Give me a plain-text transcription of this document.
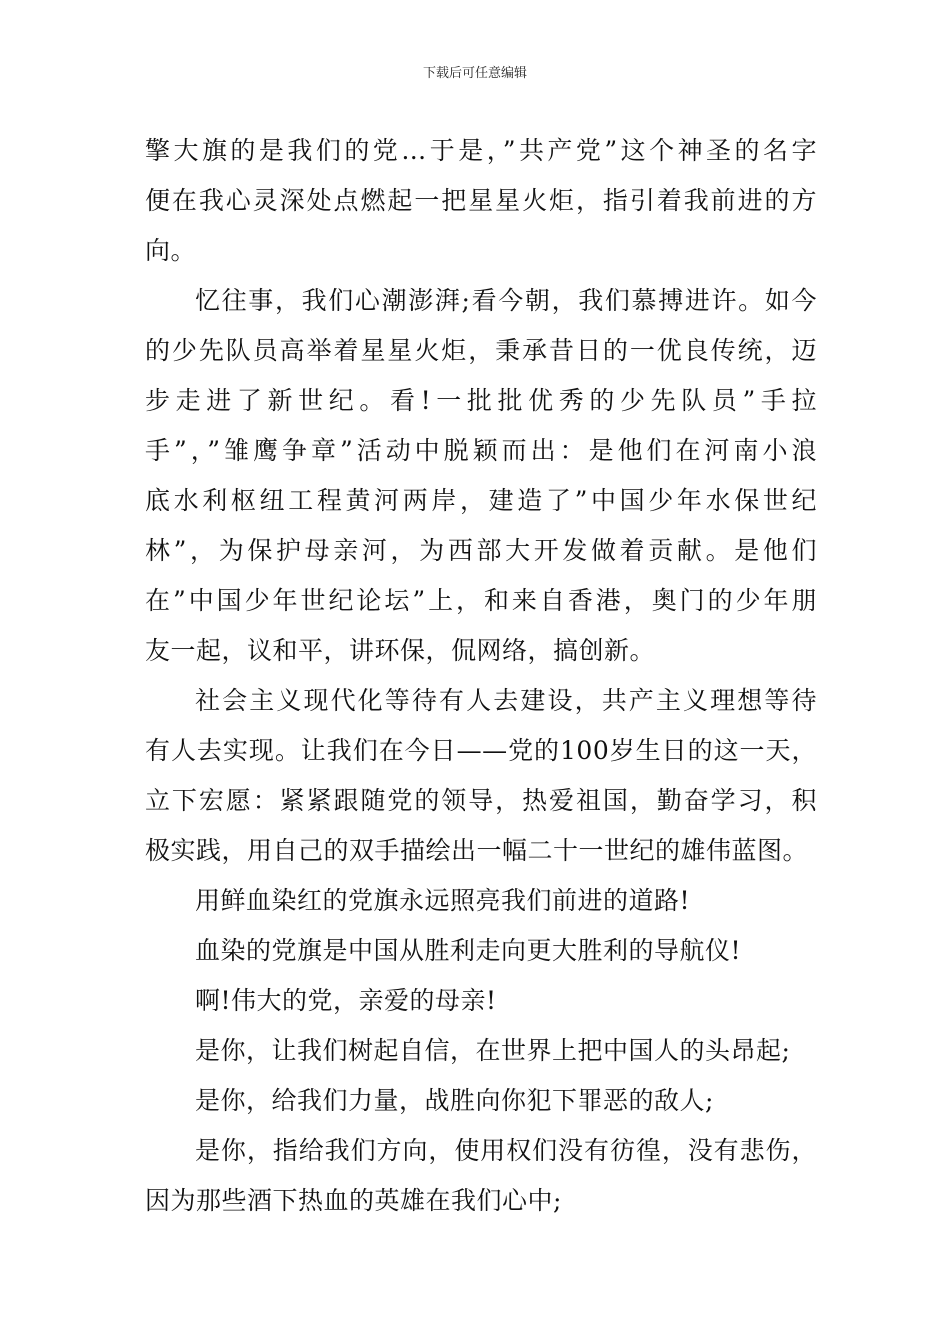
下载后可任意编辑
擎大旗的是我们的党…于是，”共产党”这个神圣的名字
便在我心灵深处点燃起一把星星火炬，指引着我前进的方
向。
忆往事，我们心潮澎湃;看今朝，我们慕搏进许。如今
的少先队员高举着星星火炬，秉承昔日的一优良传统，迈
步走进了新世纪。看!一批批优秀的少先队员”手拉
手”，”雏鹰争章”活动中脱颖而出：是他们在河南小浪
底水利枢纽工程黄河两岸，建造了”中国少年水保世纪
林”，为保护母亲河，为西部大开发做着贡献。是他们
在”中国少年世纪论坛”上，和来自香港，奥门的少年朋
友一起，议和平，讲环保，侃网络，搞创新。
社会主义现代化等待有人去建设，共产主义理想等待
有人去实现。让我们在今日——党的100岁生日的这一天，
立下宏愿：紧紧跟随党的领导，热爱祖国，勤奋学习，积
极实践，用自己的双手描绘出一幅二十一世纪的雄伟蓝图。
用鲜血染红的党旗永远照亮我们前进的道路!
血染的党旗是中国从胜利走向更大胜利的导航仪!
啊!伟大的党，亲爱的母亲!
是你，让我们树起自信，在世界上把中国人的头昂起;
是你，给我们力量，战胜向你犯下罪恶的敌人;
是你，指给我们方向，使用权们没有彷徨，没有悲伤，
因为那些酒下热血的英雄在我们心中;
